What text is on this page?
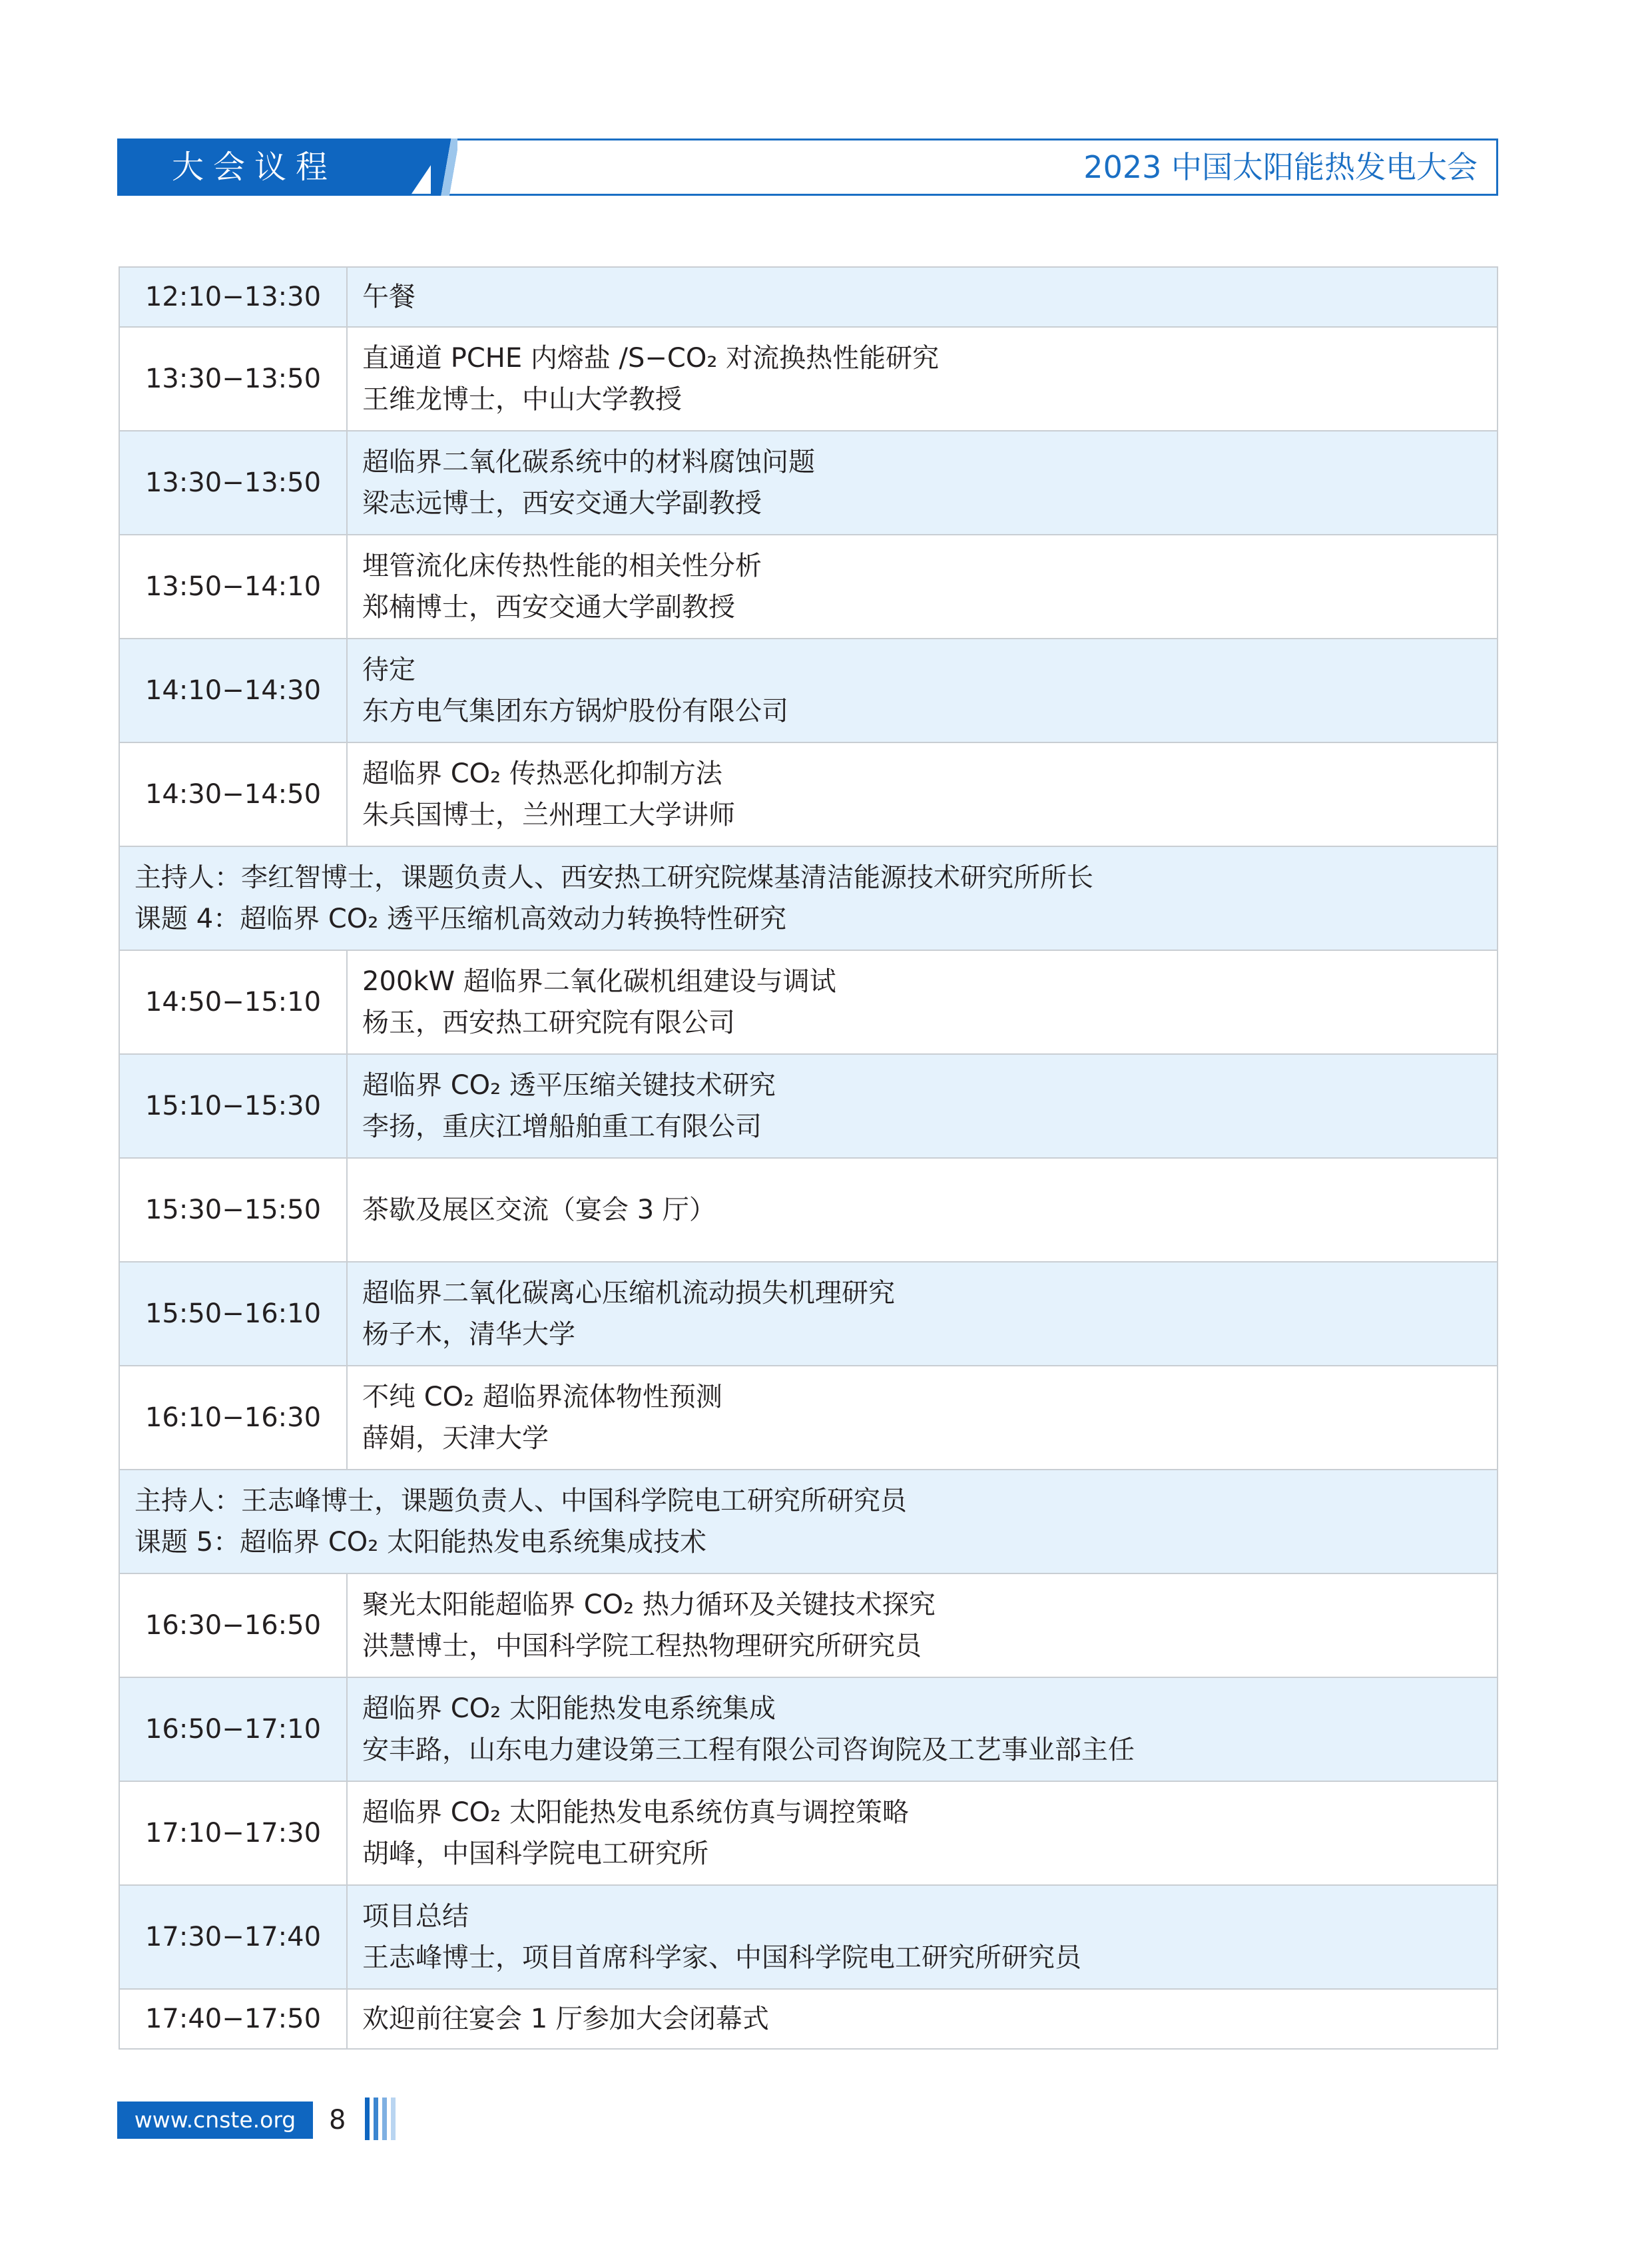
大会议程	2023 中国太阳能热发电大会
12:10−13:30	午餐

13:30−13:50	直通道 PCHE 内熔盐 /S−CO₂ 对流换热性能研究
王维龙博士，中山大学教授

13:30−13:50	超临界二氧化碳系统中的材料腐蚀问题
梁志远博士，西安交通大学副教授

13:50−14:10	埋管流化床传热性能的相关性分析
郑楠博士，西安交通大学副教授

14:10−14:30	待定
东方电气集团东方锅炉股份有限公司

14:30−14:50	超临界 CO₂ 传热恶化抑制方法
朱兵国博士，兰州理工大学讲师

主持人：李红智博士，课题负责人、西安热工研究院煤基清洁能源技术研究所所长
课题 4：超临界 CO₂ 透平压缩机高效动力转换特性研究	

14:50−15:10	200kW 超临界二氧化碳机组建设与调试
杨玉，西安热工研究院有限公司

15:10−15:30	超临界 CO₂ 透平压缩关键技术研究
李扬，重庆江增船舶重工有限公司

15:30−15:50	茶歇及展区交流（宴会 3 厅）

15:50−16:10	超临界二氧化碳离心压缩机流动损失机理研究
杨子木，清华大学

16:10−16:30	不纯 CO₂ 超临界流体物性预测
薛娟，天津大学

主持人：王志峰博士，课题负责人、中国科学院电工研究所研究员
课题 5：超临界 CO₂ 太阳能热发电系统集成技术	

16:30−16:50	聚光太阳能超临界 CO₂ 热力循环及关键技术探究
洪慧博士，中国科学院工程热物理研究所研究员

16:50−17:10	超临界 CO₂ 太阳能热发电系统集成
安丰路，山东电力建设第三工程有限公司咨询院及工艺事业部主任

17:10−17:30	超临界 CO₂ 太阳能热发电系统仿真与调控策略
胡峰，中国科学院电工研究所

17:30−17:40	项目总结
王志峰博士，项目首席科学家、中国科学院电工研究所研究员

17:40−17:50	欢迎前往宴会 1 厅参加大会闭幕式
www.cnste.org	8
